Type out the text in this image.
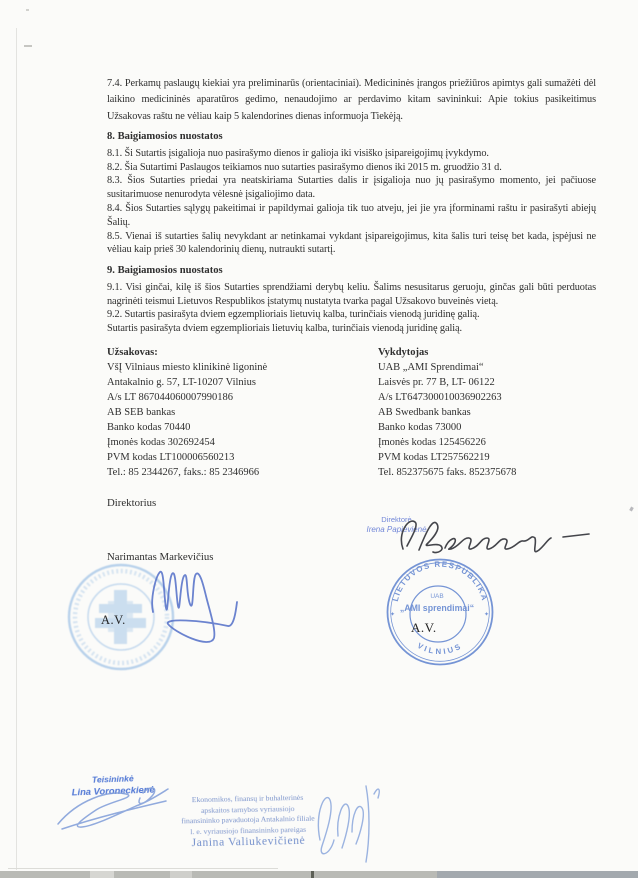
7.4. Perkamų paslaugų kiekiai yra preliminarūs (orientaciniai). Medicininės įrangos priežiūros apimtys gali sumažėti dėl laikino medicininės aparatūros gedimo, nenaudojimo ar perdavimo kitam savininkui: Apie tokius pasikeitimus Užsakovas raštu ne vėliau kaip 5 kalendorines dienas informuoja Tiekėją.

8. Baigiamosios nuostatos

8.1. Ši Sutartis įsigalioja nuo pasirašymo dienos ir galioja iki visiško įsipareigojimų įvykdymo.

8.2. Šia Sutartimi Paslaugos teikiamos nuo sutarties pasirašymo dienos iki 2015 m. gruodžio 31 d.

8.3. Šios Sutarties priedai yra neatskiriama Sutarties dalis ir įsigalioja nuo jų pasirašymo momento, jei pačiuose susitarimuose nenurodyta vėlesnė įsigaliojimo data.

8.4. Šios Sutarties sąlygų pakeitimai ir papildymai galioja tik tuo atveju, jei jie yra įforminami raštu ir pasirašyti abiejų Šalių.

8.5. Vienai iš sutarties šalių nevykdant ar netinkamai vykdant įsipareigojimus, kita šalis turi teisę bet kada, įspėjusi ne vėliau kaip prieš 30 kalendorinių dienų, nutraukti sutartį.

9. Baigiamosios nuostatos

9.1. Visi ginčai, kilę iš šios Sutarties sprendžiami derybų keliu. Šalims nesusitarus geruoju, ginčas gali būti perduotas nagrinėti teismui Lietuvos Respublikos įstatymų nustatyta tvarka pagal Užsakovo buveinės vietą.

9.2. Sutartis pasirašyta dviem egzemplioriais lietuvių kalba, turinčiais vienodą juridinę galią.

Sutartis pasirašyta dviem egzemplioriais lietuvių kalba, turinčiais vienodą juridinę galią.

Užsakovas:
VšĮ Vilniaus miesto klinikinė ligoninė
Antakalnio g. 57, LT-10207 Vilnius
A/s LT 867044060007990186
AB SEB bankas
Banko kodas 70440
Įmonės kodas 302692454
PVM kodas LT100006560213
Tel.: 85 2344267, faks.: 85 2346966
Vykdytojas
UAB „AMI Sprendimai“
Laisvės pr. 77 B, LT- 06122
A/s LT647300010036902263
AB Swedbank bankas
Banko kodas 73000
Įmonės kodas 125456226
PVM kodas LT257562219
Tel. 852375675 faks. 852375678
Direktorius
Narimantas Markevičius
Direktorė
Irena Papievienė
LIETUVOS RESPUBLIKA
VILNIUS
UAB
„AMI sprendimai“
✦	✦
A.V.	A.V.
Teisininkė
Lina Voroneckienė
Ekonomikos, finansų ir buhalterinės
apskaitos tarnybos vyriausiojo
finansininko pavaduotoja Antakalnio filiale
l. e. vyriausiojo finansininko pareigas
Janina Valiukevičienė
